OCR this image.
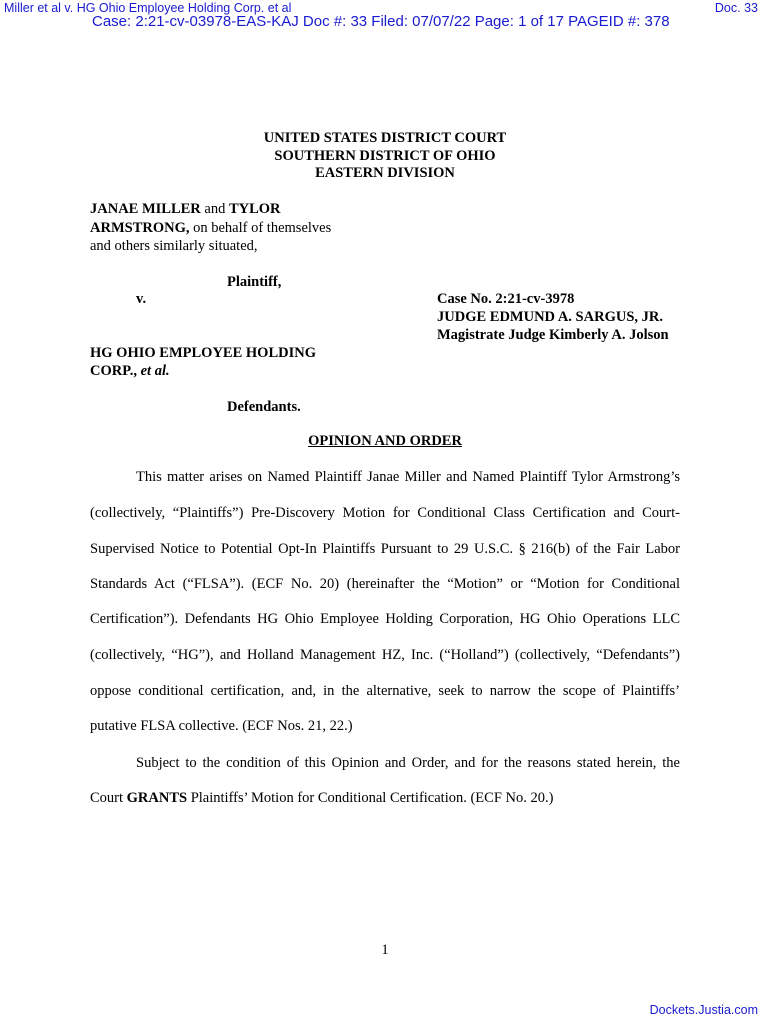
Miller et al v. HG Ohio Employee Holding Corp. et al	Doc. 33
Case: 2:21-cv-03978-EAS-KAJ Doc #: 33 Filed: 07/07/22 Page: 1 of 17 PAGEID #: 378
UNITED STATES DISTRICT COURT
SOUTHERN DISTRICT OF OHIO
EASTERN DIVISION
JANAE MILLER and TYLOR
ARMSTRONG, on behalf of themselves
and others similarly situated,
Plaintiff,
v.	Case No. 2:21-cv-3978
JUDGE EDMUND A. SARGUS, JR.
Magistrate Judge Kimberly A. Jolson
HG OHIO EMPLOYEE HOLDING
CORP., et al.
Defendants.
OPINION AND ORDER
This matter arises on Named Plaintiff Janae Miller and Named Plaintiff Tylor Armstrong’s
(collectively, “Plaintiffs”) Pre-Discovery Motion for Conditional Class Certification and Court-
Supervised Notice to Potential Opt-In Plaintiffs Pursuant to 29 U.S.C. § 216(b) of the Fair Labor
Standards Act (“FLSA”). (ECF No. 20) (hereinafter the “Motion” or “Motion for Conditional
Certification”). Defendants HG Ohio Employee Holding Corporation, HG Ohio Operations LLC
(collectively, “HG”), and Holland Management HZ, Inc. (“Holland”) (collectively, “Defendants”)
oppose conditional certification, and, in the alternative, seek to narrow the scope of Plaintiffs’
putative FLSA collective. (ECF Nos. 21, 22.)
Subject to the condition of this Opinion and Order, and for the reasons stated herein, the
Court GRANTS Plaintiffs’ Motion for Conditional Certification. (ECF No. 20.)
1
Dockets.Justia.com
